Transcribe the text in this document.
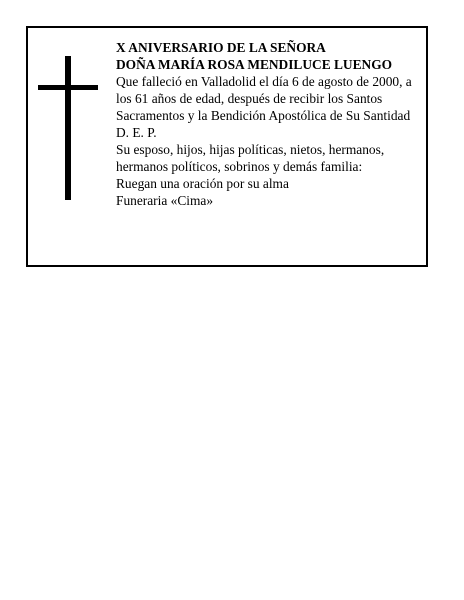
X ANIVERSARIO DE LA SEÑORA
DOÑA MARÍA ROSA MENDILUCE LUENGO
Que falleció en Valladolid el día 6 de agosto de 2000, a
los 61 años de edad, después de recibir los Santos
Sacramentos y la Bendición Apostólica de Su Santidad
D. E. P.
Su esposo, hijos, hijas políticas, nietos, hermanos,
hermanos políticos, sobrinos y demás familia:
Ruegan una oración por su alma
Funeraria «Cima»
